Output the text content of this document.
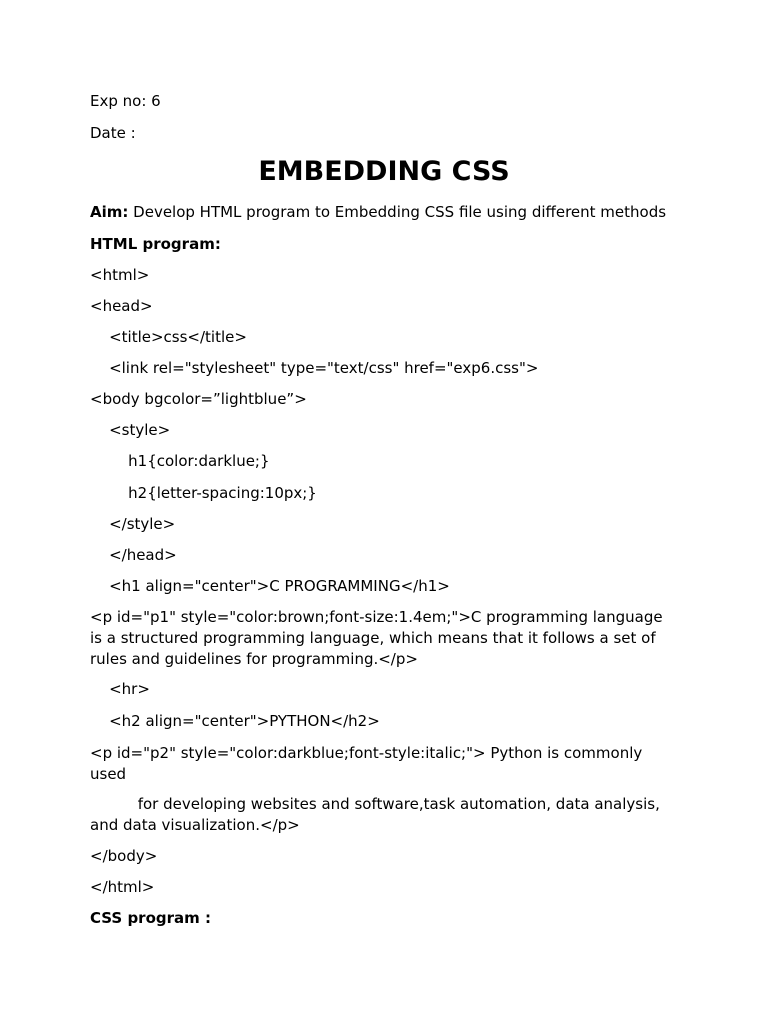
Exp no: 6
Date :
EMBEDDING CSS
Aim: Develop HTML program to Embedding CSS file using different methods
HTML program:
<html>
<head>
<title>css</title>
<link rel="stylesheet" type="text/css" href="exp6.css">
<body bgcolor=”lightblue”>
<style>
h1{color:darklue;}
h2{letter-spacing:10px;}
</style>
</head>
<h1 align="center">C PROGRAMMING</h1>
<p id="p1" style="color:brown;font-size:1.4em;">C programming language is a structured programming language, which means that it follows a set of rules and guidelines for programming.</p>
<hr>
<h2 align="center">PYTHON</h2>
<p id="p2" style="color:darkblue;font-style:italic;"> Python is commonly used
for developing websites and software,task automation, data analysis, and data visualization.</p>
</body>
</html>
CSS program :
